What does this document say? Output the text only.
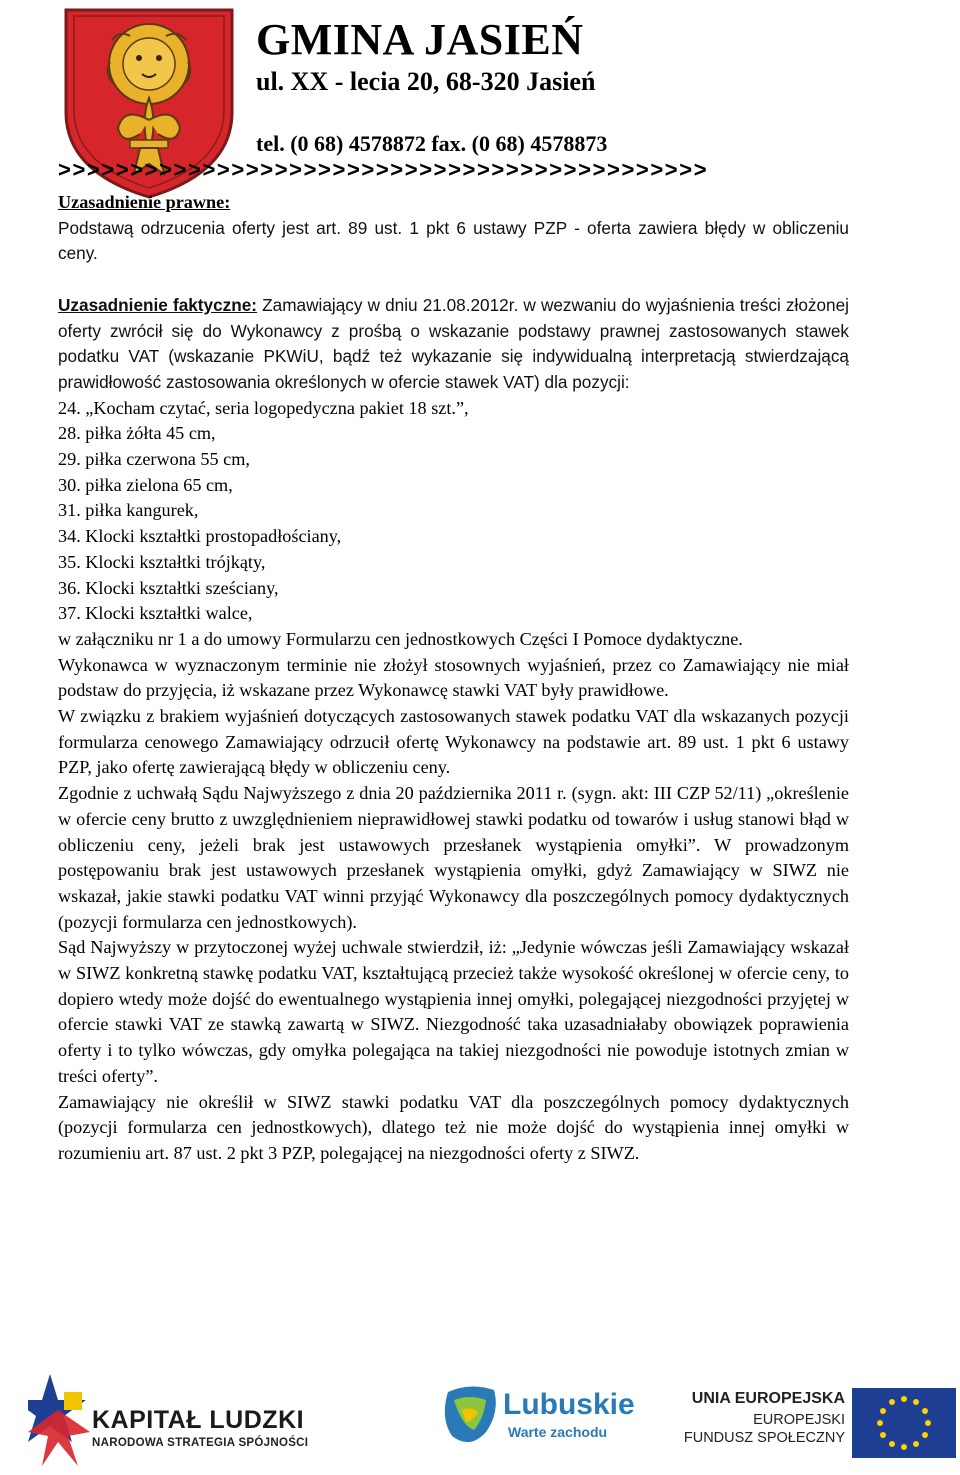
GMINA JASIEŃ
ul. XX - lecia 20, 68-320 Jasień
tel. (0 68) 4578872 fax. (0 68) 4578873
>>>>>>>>>>>>>>>>>>>>>>>>>>>>>>>>>>>>>>>>>>>>>
Uzasadnienie prawne:

Podstawą odrzucenia oferty jest art. 89 ust. 1 pkt 6 ustawy PZP - oferta zawiera błędy w obliczeniu ceny.

Uzasadnienie faktyczne: Zamawiający w dniu 21.08.2012r. w wezwaniu do wyjaśnienia treści złożonej oferty zwrócił się do Wykonawcy z prośbą o wskazanie podstawy prawnej zastosowanych stawek podatku VAT (wskazanie PKWiU, bądź też wykazanie się indywidualną interpretacją stwierdzającą prawidłowość zastosowania określonych w ofercie stawek VAT) dla pozycji:

24. „Kocham czytać, seria logopedyczna pakiet 18 szt.”,
28. piłka żółta 45 cm,
29. piłka czerwona 55 cm,
30. piłka zielona 65 cm,
31. piłka kangurek,
34. Klocki kształtki prostopadłościany,
35. Klocki kształtki trójkąty,
36. Klocki kształtki sześciany,
37. Klocki kształtki walce,

w załączniku nr 1 a do umowy Formularzu cen jednostkowych Części I Pomoce dydaktyczne.

Wykonawca w wyznaczonym terminie nie złożył stosownych wyjaśnień, przez co Zamawiający nie miał podstaw do przyjęcia, iż wskazane przez Wykonawcę stawki VAT były prawidłowe.

W związku z brakiem wyjaśnień dotyczących zastosowanych stawek podatku VAT dla wskazanych pozycji formularza cenowego Zamawiający odrzucił ofertę Wykonawcy na podstawie art. 89 ust. 1 pkt 6 ustawy PZP, jako ofertę zawierającą błędy w obliczeniu ceny.

Zgodnie z uchwałą Sądu Najwyższego z dnia 20 października 2011 r. (sygn. akt: III CZP 52/11) „określenie w ofercie ceny brutto z uwzględnieniem nieprawidłowej stawki podatku od towarów i usług stanowi błąd w obliczeniu ceny, jeżeli brak jest ustawowych przesłanek wystąpienia omyłki”. W prowadzonym postępowaniu brak jest ustawowych przesłanek wystąpienia omyłki, gdyż Zamawiający w SIWZ nie wskazał, jakie stawki podatku VAT winni przyjąć Wykonawcy dla poszczególnych pomocy dydaktycznych (pozycji formularza cen jednostkowych).

Sąd Najwyższy w przytoczonej wyżej uchwale stwierdził, iż: „Jedynie wówczas jeśli Zamawiający wskazał w SIWZ konkretną stawkę podatku VAT, kształtującą przecież także wysokość określonej w ofercie ceny, to dopiero wtedy może dojść do ewentualnego wystąpienia innej omyłki, polegającej niezgodności przyjętej w ofercie stawki VAT ze stawką zawartą w SIWZ. Niezgodność taka uzasadniałaby obowiązek poprawienia oferty i to tylko wówczas, gdy omyłka polegająca na takiej niezgodności nie powoduje istotnych zmian w treści oferty”.

Zamawiający nie określił w SIWZ stawki podatku VAT dla poszczególnych pomocy dydaktycznych (pozycji formularza cen jednostkowych), dlatego też nie może dojść do wystąpienia innej omyłki w rozumieniu art. 87 ust. 2 pkt 3 PZP, polegającej na niezgodności oferty z SIWZ.

KAPITAŁ LUDZKI
NARODOWA STRATEGIA SPÓJNOŚCI
Lubuskie
Warte zachodu
UNIA EUROPEJSKA
EUROPEJSKI
FUNDUSZ SPOŁECZNY
